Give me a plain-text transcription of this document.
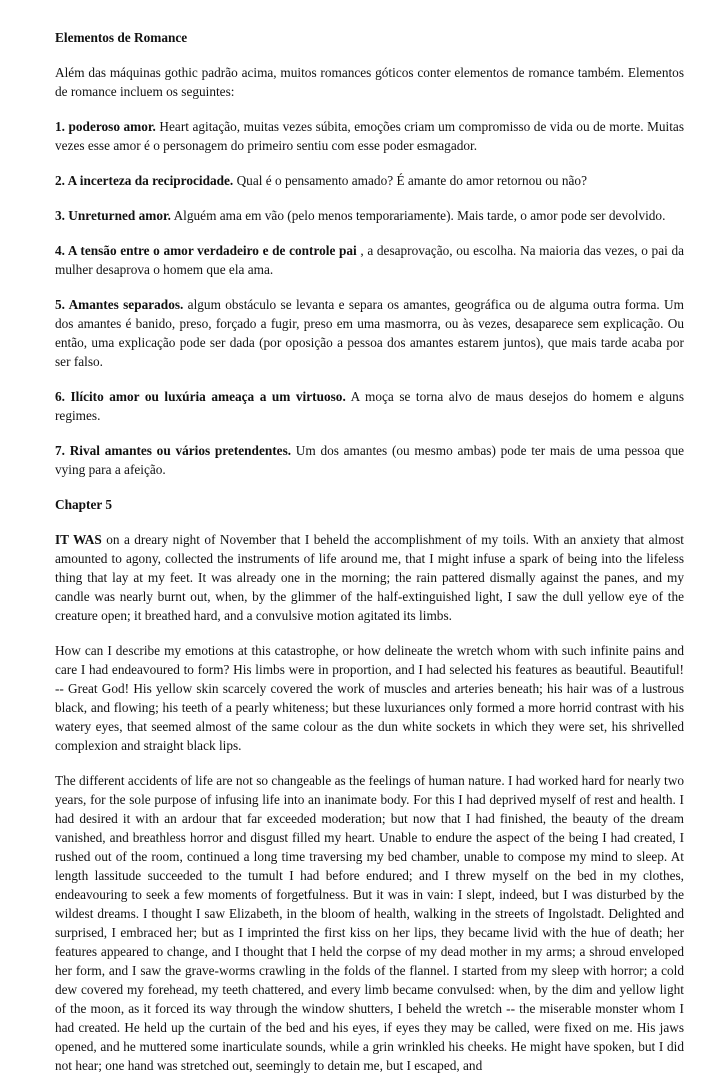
Elementos de Romance

Além das máquinas gothic padrão acima, muitos romances góticos conter elementos de romance também. Elementos de romance incluem os seguintes:

1. poderoso amor. Heart agitação, muitas vezes súbita, emoções criam um compromisso de vida ou de morte. Muitas vezes esse amor é o personagem do primeiro sentiu com esse poder esmagador.

2. A incerteza da reciprocidade. Qual é o pensamento amado? É amante do amor retornou ou não?

3. Unreturned amor. Alguém ama em vão (pelo menos temporariamente). Mais tarde, o amor pode ser devolvido.

4. A tensão entre o amor verdadeiro e de controle pai , a desaprovação, ou escolha. Na maioria das vezes, o pai da mulher desaprova o homem que ela ama.

5. Amantes separados. algum obstáculo se levanta e separa os amantes, geográfica ou de alguma outra forma. Um dos amantes é banido, preso, forçado a fugir, preso em uma masmorra, ou às vezes, desaparece sem explicação. Ou então, uma explicação pode ser dada (por oposição a pessoa dos amantes estarem juntos), que mais tarde acaba por ser falso.

6. Ilícito amor ou luxúria ameaça a um virtuoso. A moça se torna alvo de maus desejos do homem e alguns regimes.

7. Rival amantes ou vários pretendentes. Um dos amantes (ou mesmo ambas) pode ter mais de uma pessoa que vying para a afeição.

Chapter 5

IT WAS on a dreary night of November that I beheld the accomplishment of my toils. With an anxiety that almost amounted to agony, collected the instruments of life around me, that I might infuse a spark of being into the lifeless thing that lay at my feet. It was already one in the morning; the rain pattered dismally against the panes, and my candle was nearly burnt out, when, by the glimmer of the half-extinguished light, I saw the dull yellow eye of the creature open; it breathed hard, and a convulsive motion agitated its limbs.

How can I describe my emotions at this catastrophe, or how delineate the wretch whom with such infinite pains and care I had endeavoured to form? His limbs were in proportion, and I had selected his features as beautiful. Beautiful! -- Great God! His yellow skin scarcely covered the work of muscles and arteries beneath; his hair was of a lustrous black, and flowing; his teeth of a pearly whiteness; but these luxuriances only formed a more horrid contrast with his watery eyes, that seemed almost of the same colour as the dun white sockets in which they were set, his shrivelled complexion and straight black lips.

The different accidents of life are not so changeable as the feelings of human nature. I had worked hard for nearly two years, for the sole purpose of infusing life into an inanimate body. For this I had deprived myself of rest and health. I had desired it with an ardour that far exceeded moderation; but now that I had finished, the beauty of the dream vanished, and breathless horror and disgust filled my heart. Unable to endure the aspect of the being I had created, I rushed out of the room, continued a long time traversing my bed chamber, unable to compose my mind to sleep. At length lassitude succeeded to the tumult I had before endured; and I threw myself on the bed in my clothes, endeavouring to seek a few moments of forgetfulness. But it was in vain: I slept, indeed, but I was disturbed by the wildest dreams. I thought I saw Elizabeth, in the bloom of health, walking in the streets of Ingolstadt. Delighted and surprised, I embraced her; but as I imprinted the first kiss on her lips, they became livid with the hue of death; her features appeared to change, and I thought that I held the corpse of my dead mother in my arms; a shroud enveloped her form, and I saw the grave-worms crawling in the folds of the flannel. I started from my sleep with horror; a cold dew covered my forehead, my teeth chattered, and every limb became convulsed: when, by the dim and yellow light of the moon, as it forced its way through the window shutters, I beheld the wretch -- the miserable monster whom I had created. He held up the curtain of the bed and his eyes, if eyes they may be called, were fixed on me. His jaws opened, and he muttered some inarticulate sounds, while a grin wrinkled his cheeks. He might have spoken, but I did not hear; one hand was stretched out, seemingly to detain me, but I escaped, and
